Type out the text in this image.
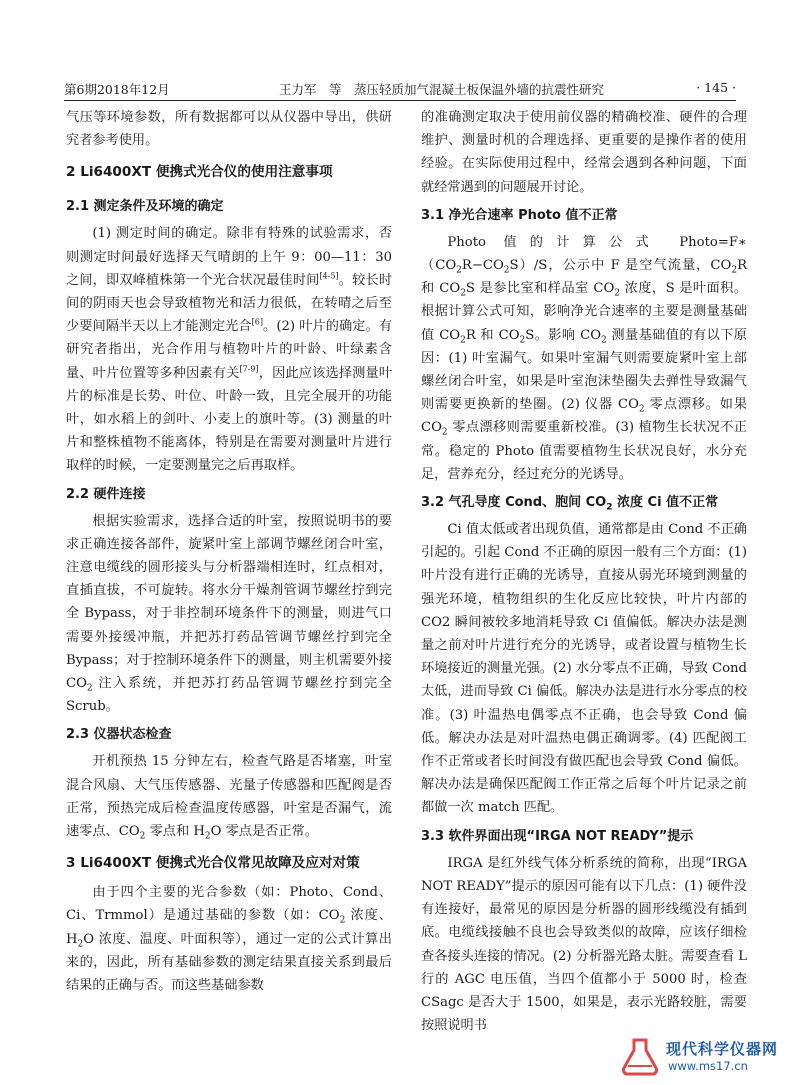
第6期2018年12月	王力军　等　 蒸压轻质加气混凝土板保温外墙的抗震性研究	· 145 ·

气压等环境参数，所有数据都可以从仪器中导出，供研究者参考使用。

2 Li6400XT 便携式光合仪的使用注意事项
2.1 测定条件及环境的确定

(1) 测定时间的确定。除非有特殊的试验需求，否则测定时间最好选择天气晴朗的上午 9：00—11：30 之间，即双峰植株第一个光合状况最佳时间[4-5]。较长时间的阴雨天也会导致植物光和活力很低，在转晴之后至少要间隔半天以上才能测定光合[6]。(2) 叶片的确定。有研究者指出，光合作用与植物叶片的叶龄、叶绿素含量、叶片位置等多种因素有关[7-9]，因此应该选择测量叶片的标准是长势、叶位、叶龄一致，且完全展开的功能叶，如水稻上的剑叶、小麦上的旗叶等。(3) 测量的叶片和整株植物不能离体，特别是在需要对测量叶片进行取样的时候，一定要测量完之后再取样。

2.2 硬件连接

根据实验需求，选择合适的叶室，按照说明书的要求正确连接各部件，旋紧叶室上部调节螺丝闭合叶室，注意电缆线的圆形接头与分析器端相连时，红点相对，直插直拔，不可旋转。将水分干燥剂管调节螺丝拧到完全 Bypass，对于非控制环境条件下的测量，则进气口需要外接缓冲瓶，并把苏打药品管调节螺丝拧到完全 Bypass；对于控制环境条件下的测量，则主机需要外接 $CO_2$ 注入系统，并把苏打药品管调节螺丝拧到完全 Scrub。

2.3 仪器状态检查

开机预热 15 分钟左右，检查气路是否堵塞，叶室混合风扇、大气压传感器、光量子传感器和匹配阀是否正常，预热完成后检查温度传感器，叶室是否漏气，流速零点、$CO_2$ 零点和 $H_2O$ 零点是否正常。

3 Li6400XT 便携式光合仪常见故障及应对对策

由于四个主要的光合参数（如：Photo、Cond、Ci、Trmmol）是通过基础的参数（如：$CO_2$ 浓度、$H_2O$ 浓度、温度、叶面积等），通过一定的公式计算出来的，因此，所有基础参数的测定结果直接关系到最后结果的正确与否。而这些基础参数

的准确测定取决于使用前仪器的精确校准、硬件的合理维护、测量时机的合理选择、更重要的是操作者的使用经验。在实际使用过程中，经常会遇到各种问题，下面就经常遇到的问题展开讨论。

3.1 净光合速率 Photo 值不正常

Photo 值的计算公式 $Photo=F∗(CO_2R-CO_2S)/S$，公示中 F 是空气流量，$CO_2R$ 和 $CO_2S$ 是参比室和样品室 $CO_2$ 浓度，S 是叶面积。根据计算公式可知，影响净光合速率的主要是测量基础值 $CO_2R$ 和 $CO_2S$。影响 $CO_2$ 测量基础值的有以下原因：(1) 叶室漏气。如果叶室漏气则需要旋紧叶室上部螺丝闭合叶室，如果是叶室泡沫垫圈失去弹性导致漏气则需要更换新的垫圈。(2) 仪器 $CO_2$ 零点漂移。如果 $CO_2$ 零点漂移则需要重新校准。(3) 植物生长状况不正常。稳定的 Photo 值需要植物生长状况良好，水分充足，营养充分，经过充分的光诱导。

3.2 气孔导度 Cond、胞间 $CO_2$ 浓度 Ci 值不正常

Ci 值太低或者出现负值，通常都是由 Cond 不正确引起的。引起 Cond 不正确的原因一般有三个方面：(1) 叶片没有进行正确的光诱导，直接从弱光环境到测量的强光环境，植物组织的生化反应比较快，叶片内部的 CO2 瞬间被较多地消耗导致 Ci 值偏低。解决办法是测量之前对叶片进行充分的光诱导，或者设置与植物生长环境接近的测量光强。(2) 水分零点不正确，导致 Cond 太低，进而导致 Ci 偏低。解决办法是进行水分零点的校准。(3) 叶温热电偶零点不正确，也会导致 Cond 偏低。解决办法是对叶温热电偶正确调零。(4) 匹配阀工作不正常或者长时间没有做匹配也会导致 Cond 偏低。解决办法是确保匹配阀工作正常之后每个叶片记录之前都做一次 match 匹配。

3.3 软件界面出现“IRGA NOT READY”提示

IRGA 是红外线气体分析系统的简称，出现“IRGA NOT READY”提示的原因可能有以下几点：(1) 硬件没有连接好，最常见的原因是分析器的圆形线缆没有插到底。电缆线接触不良也会导致类似的故障，应该仔细检查各接头连接的情况。(2) 分析器光路太脏。需要查看 L 行的 AGC 电压值，当四个值都小于 5000 时，检查 CSagc 是否大于 1500，如果是，表示光路较脏，需要按照说明书

现代科学仪器网
www.ms17.cn
